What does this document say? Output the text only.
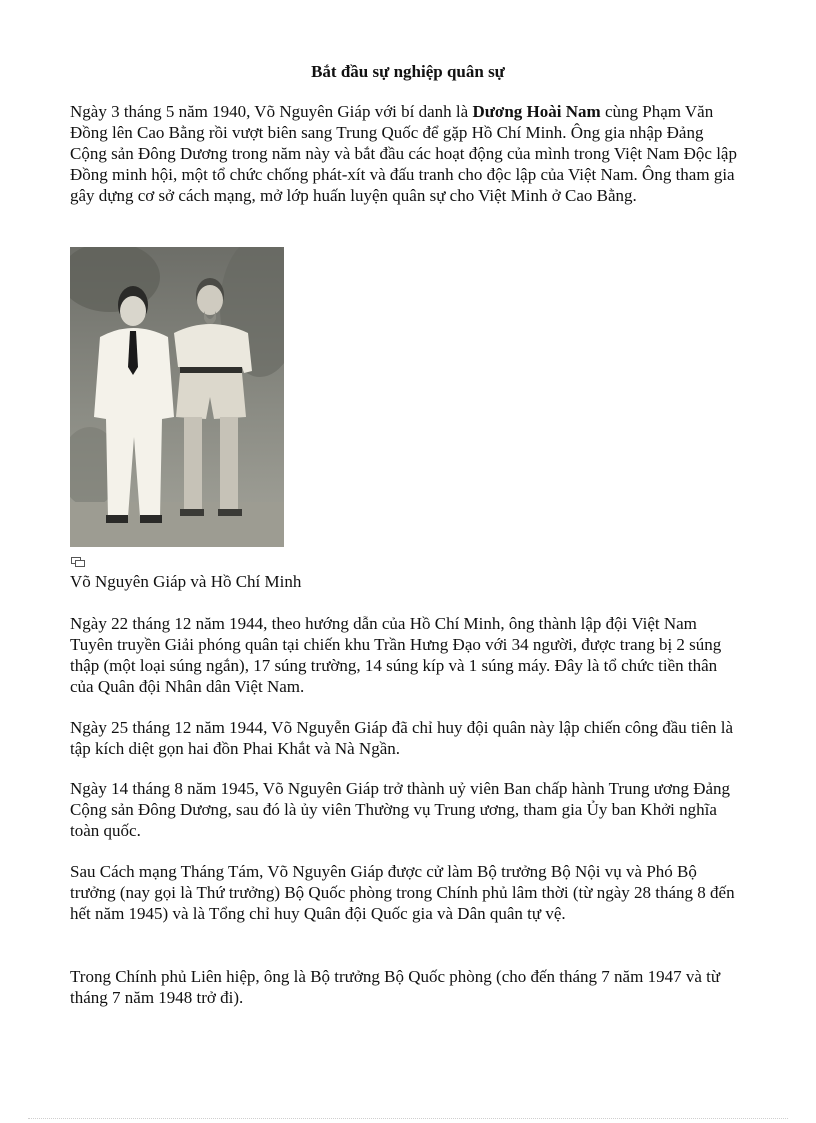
Bắt đầu sự nghiệp quân sự

Ngày 3 tháng 5 năm 1940, Võ Nguyên Giáp với bí danh là Dương Hoài Nam cùng Phạm Văn Đồng lên Cao Bằng rồi vượt biên sang Trung Quốc để gặp Hồ Chí Minh. Ông gia nhập Đảng Cộng sản Đông Dương trong năm này và bắt đầu các hoạt động của mình trong Việt Nam Độc lập Đồng minh hội, một tổ chức chống phát-xít và đấu tranh cho độc lập của Việt Nam. Ông tham gia gây dựng cơ sở cách mạng, mở lớp huấn luyện quân sự cho Việt Minh ở Cao Bằng.

Võ Nguyên Giáp và Hồ Chí Minh

Ngày 22 tháng 12 năm 1944, theo hướng dẫn của Hồ Chí Minh, ông thành lập đội Việt Nam Tuyên truyền Giải phóng quân tại chiến khu Trần Hưng Đạo với 34 người, được trang bị 2 súng thập (một loại súng ngắn), 17 súng trường, 14 súng kíp và 1 súng máy. Đây là tổ chức tiền thân của Quân đội Nhân dân Việt Nam.

Ngày 25 tháng 12 năm 1944, Võ Nguyễn Giáp đã chỉ huy đội quân này lập chiến công đầu tiên là tập kích diệt gọn hai đồn Phai Khắt và Nà Ngần.

Ngày 14 tháng 8 năm 1945, Võ Nguyên Giáp trở thành uỷ viên Ban chấp hành Trung ương Đảng Cộng sản Đông Dương, sau đó là ủy viên Thường vụ Trung ương, tham gia Ủy ban Khởi nghĩa toàn quốc.

Sau Cách mạng Tháng Tám, Võ Nguyên Giáp được cử làm Bộ trưởng Bộ Nội vụ và Phó Bộ trưởng (nay gọi là Thứ trưởng) Bộ Quốc phòng trong Chính phủ lâm thời (từ ngày 28 tháng 8 đến hết năm 1945) và là Tổng chỉ huy Quân đội Quốc gia và Dân quân tự vệ.

Trong Chính phủ Liên hiệp, ông là Bộ trưởng Bộ Quốc phòng (cho đến tháng 7 năm 1947 và từ tháng 7 năm 1948 trở đi).
